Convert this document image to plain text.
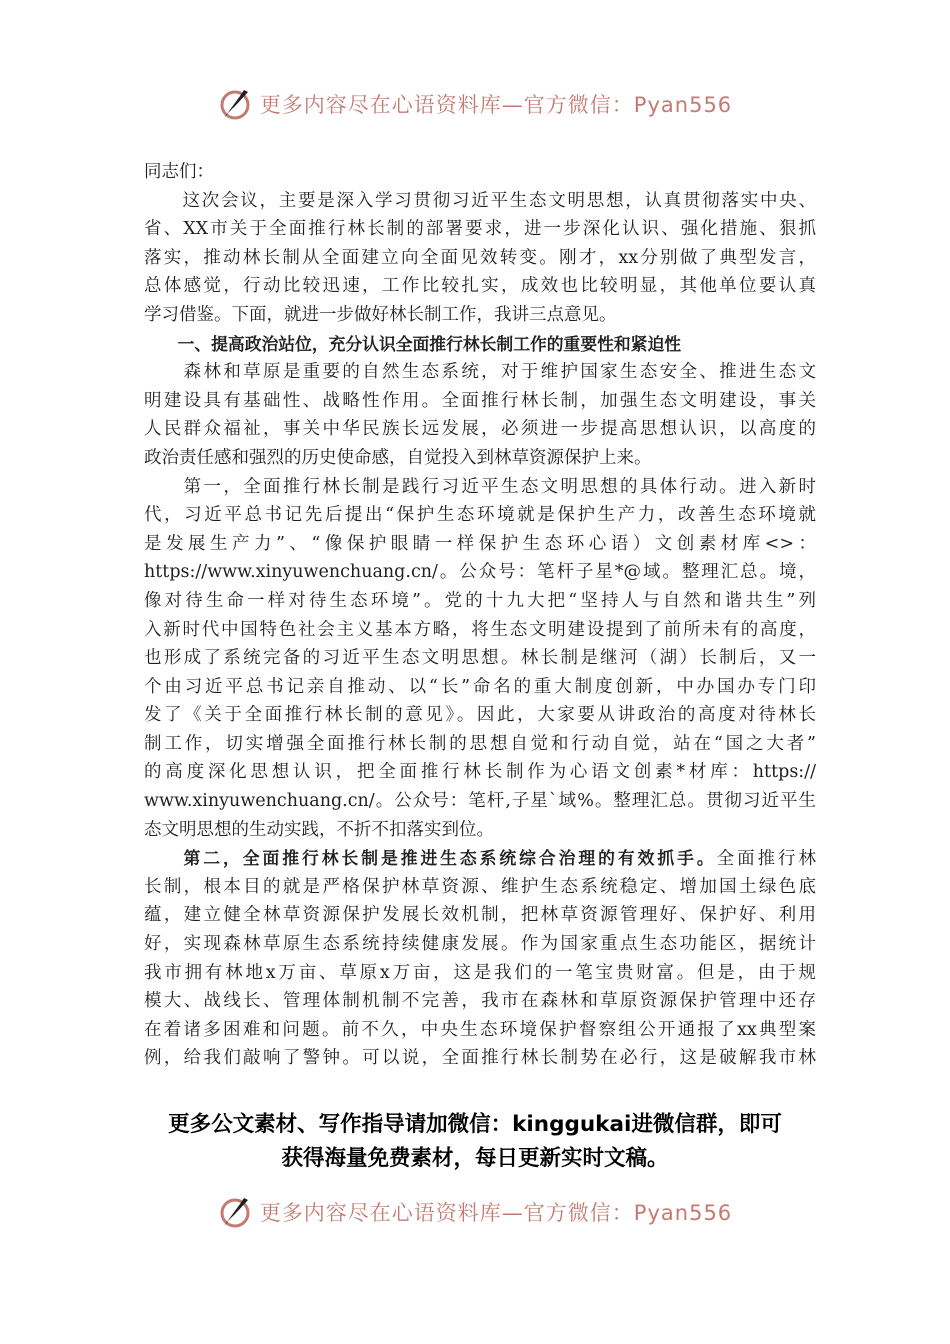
更多内容尽在心语资料库—官方微信：Pyan556
同志们：
　　这次会议，主要是深入学习贯彻习近平生态文明思想，认真贯彻落实中央、
省、XX市关于全面推行林长制的部署要求，进一步深化认识、强化措施、狠抓
落实，推动林长制从全面建立向全面见效转变。刚才，xx分别做了典型发言，
总体感觉，行动比较迅速，工作比较扎实，成效也比较明显，其他单位要认真
学习借鉴。下面，就进一步做好林长制工作，我讲三点意见。
　　一、提高政治站位，充分认识全面推行林长制工作的重要性和紧迫性
　　森林和草原是重要的自然生态系统，对于维护国家生态安全、推进生态文
明建设具有基础性、战略性作用。全面推行林长制，加强生态文明建设，事关
人民群众福祉，事关中华民族长远发展，必须进一步提高思想认识，以高度的
政治责任感和强烈的历史使命感，自觉投入到林草资源保护上来。
　　第一，全面推行林长制是践行习近平生态文明思想的具体行动。进入新时
代，习近平总书记先后提出“保护生态环境就是保护生产力，改善生态环境就
是发展生产力”、“像保护眼睛一样保护生态环心语）文创素材库<>：
https://www.xinyuwenchuang.cn/。公众号：笔杆子星*@域。整理汇总。境，
像对待生命一样对待生态环境”。党的十九大把“坚持人与自然和谐共生”列
入新时代中国特色社会主义基本方略，将生态文明建设提到了前所未有的高度，
也形成了系统完备的习近平生态文明思想。林长制是继河（湖）长制后，又一
个由习近平总书记亲自推动、以“长”命名的重大制度创新，中办国办专门印
发了《关于全面推行林长制的意见》。因此，大家要从讲政治的高度对待林长
制工作，切实增强全面推行林长制的思想自觉和行动自觉，站在“国之大者”
的高度深化思想认识，把全面推行林长制作为心语文创素*材库：https://
www.xinyuwenchuang.cn/。公众号：笔杆,子星`域%。整理汇总。贯彻习近平生
态文明思想的生动实践，不折不扣落实到位。
　　第二，全面推行林长制是推进生态系统综合治理的有效抓手。全面推行林
长制，根本目的就是严格保护林草资源、维护生态系统稳定、增加国土绿色底
蕴，建立健全林草资源保护发展长效机制，把林草资源管理好、保护好、利用
好，实现森林草原生态系统持续健康发展。作为国家重点生态功能区，据统计
我市拥有林地x万亩、草原x万亩，这是我们的一笔宝贵财富。但是，由于规
模大、战线长、管理体制机制不完善，我市在森林和草原资源保护管理中还存
在着诸多困难和问题。前不久，中央生态环境保护督察组公开通报了xx典型案
例，给我们敲响了警钟。可以说，全面推行林长制势在必行，这是破解我市林
更多公文素材、写作指导请加微信：kinggukai进微信群，即可
获得海量免费素材，每日更新实时文稿。
更多内容尽在心语资料库—官方微信：Pyan556
